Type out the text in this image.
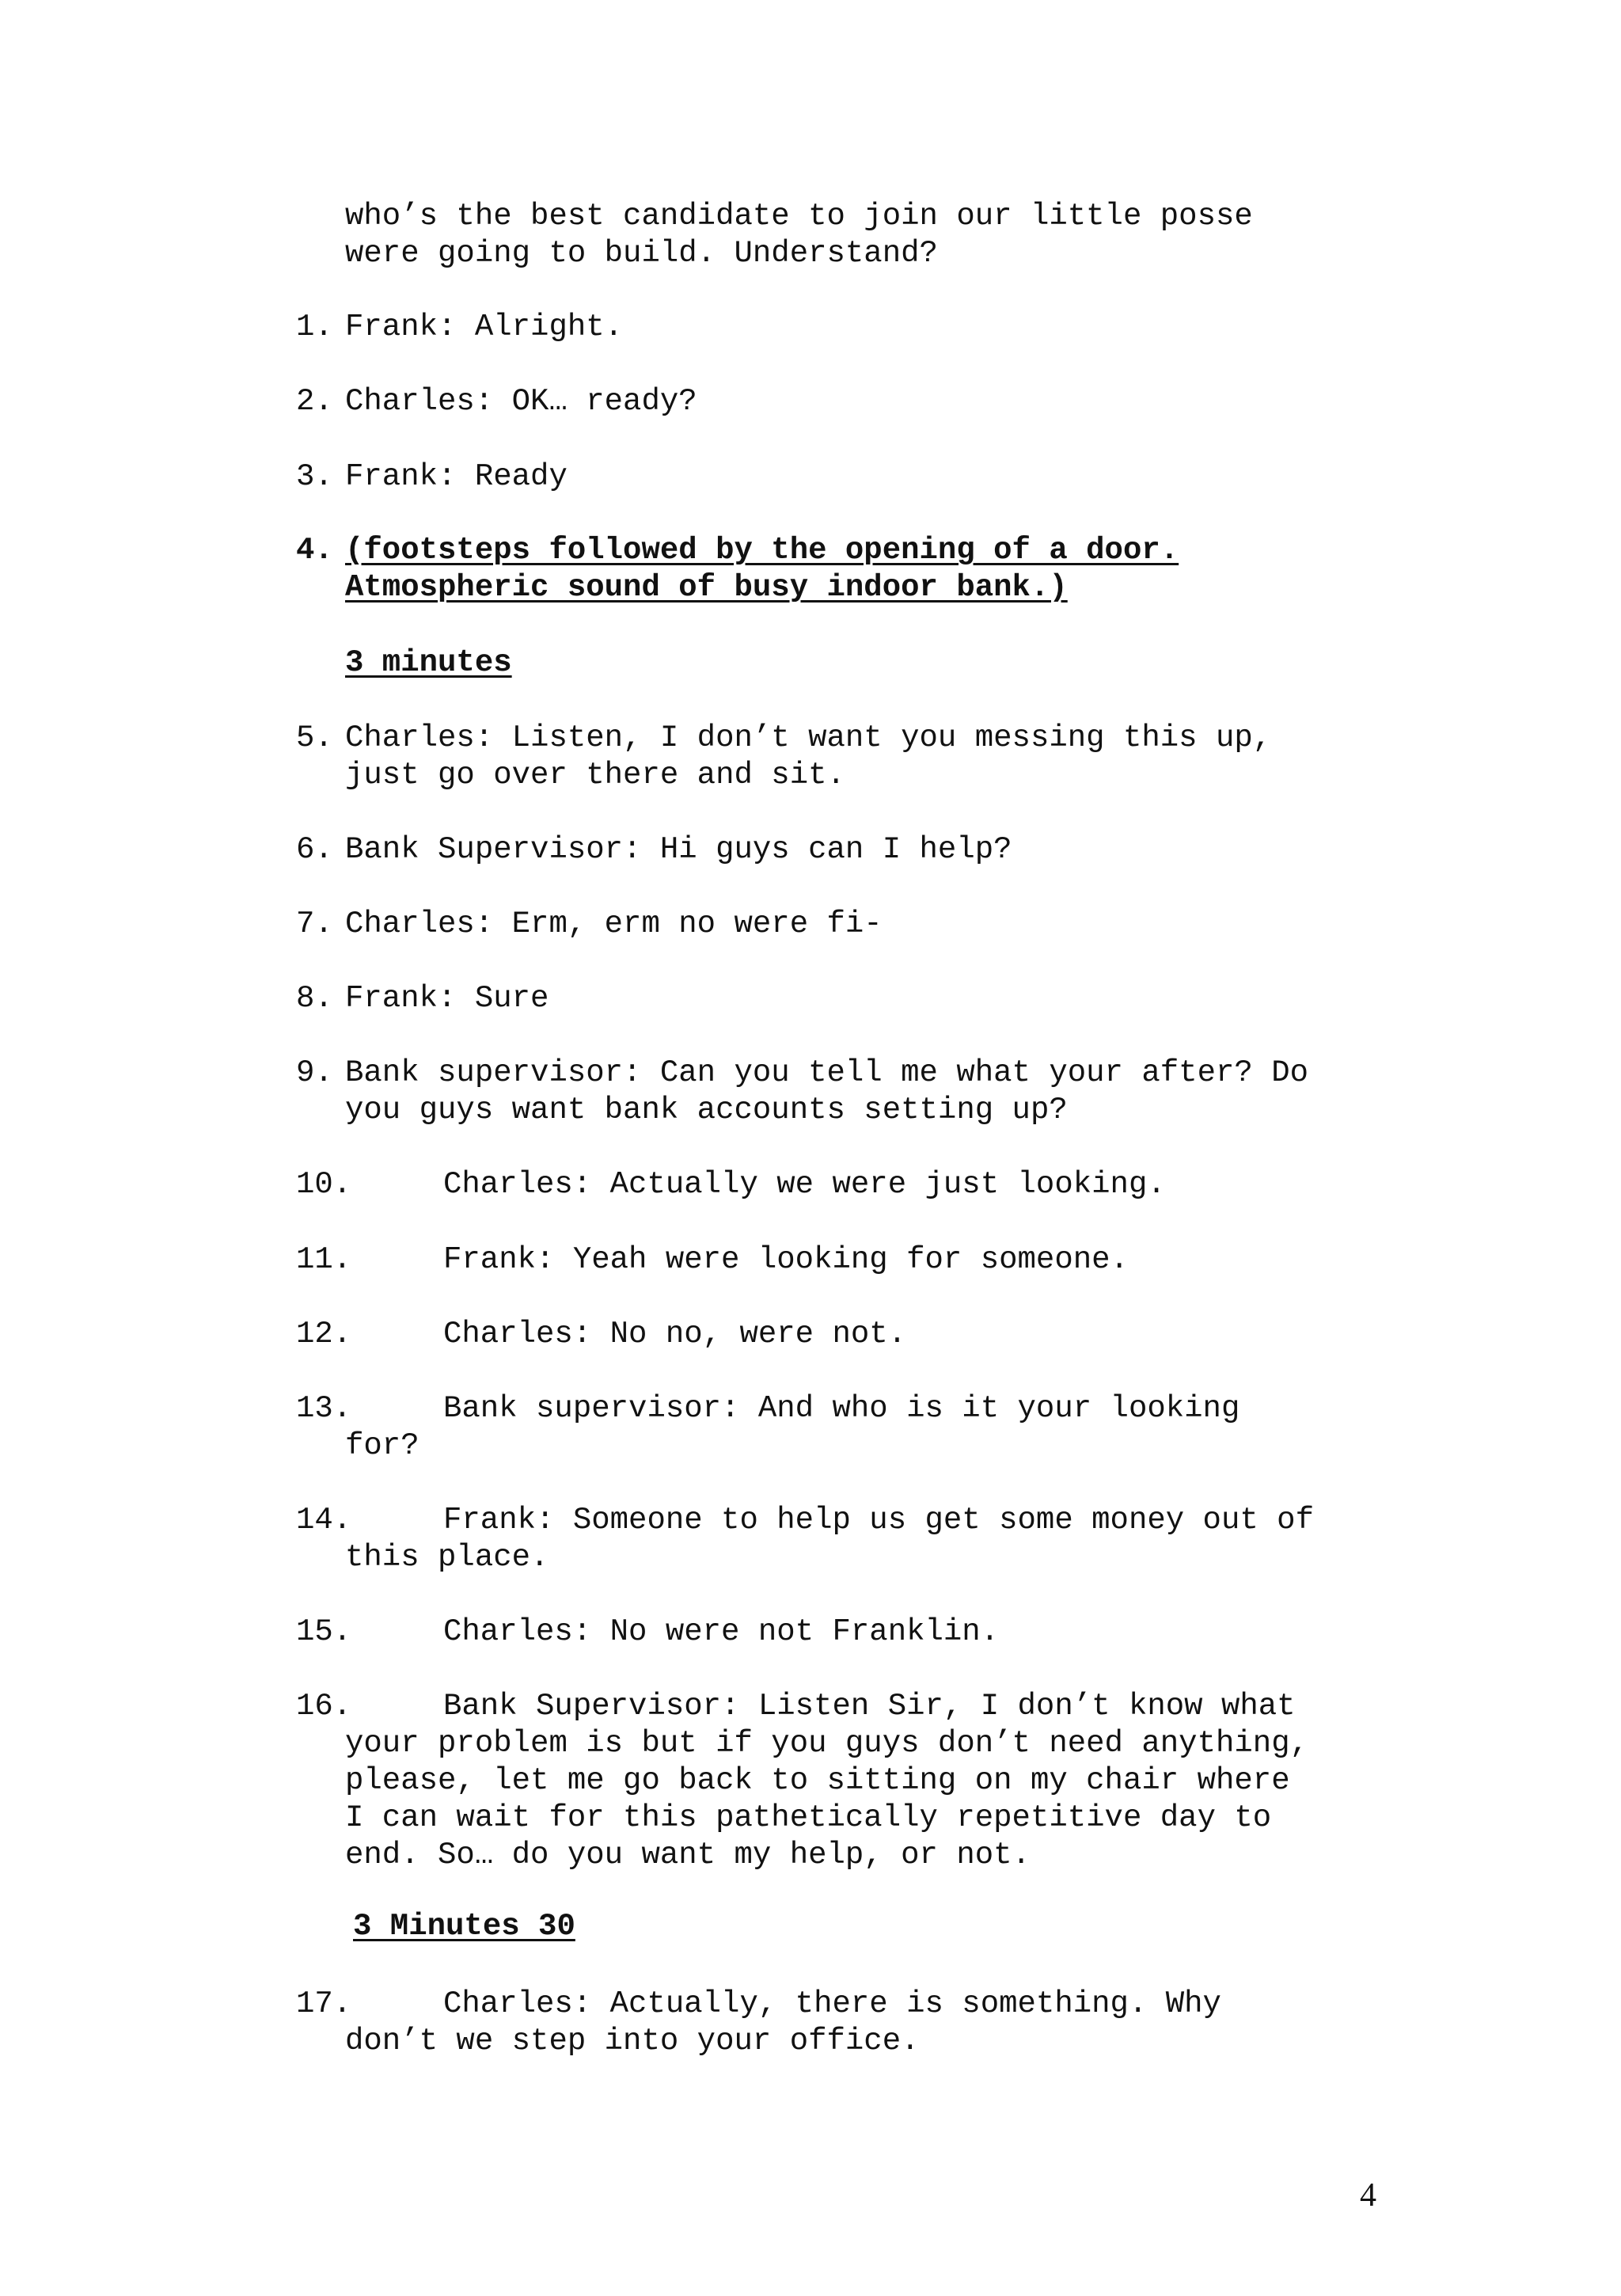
who’s the best candidate to join our little posse
were going to build. Understand?
1. Frank: Alright.
2. Charles: OK… ready?
3. Frank: Ready
4. (footsteps followed by the opening of a door.
Atmospheric sound of busy indoor bank.)
3 minutes
5. Charles: Listen, I don’t want you messing this up,
just go over there and sit.
6. Bank Supervisor: Hi guys can I help?
7. Charles: Erm, erm no were fi-
8. Frank: Sure
9. Bank supervisor: Can you tell me what your after? Do
you guys want bank accounts setting up?
10.	Charles: Actually we were just looking.
11.	Frank: Yeah were looking for someone.
12.	Charles: No no, were not.
13.	Bank supervisor: And who is it your looking
for?
14.	Frank: Someone to help us get some money out of
this place.
15.	Charles: No were not Franklin.
16.	Bank Supervisor: Listen Sir, I don’t know what
your problem is but if you guys don’t need anything,
please, let me go back to sitting on my chair where
I can wait for this pathetically repetitive day to
end. So… do you want my help, or not.
3 Minutes 30
17.	Charles: Actually, there is something. Why
don’t we step into your office.
4
